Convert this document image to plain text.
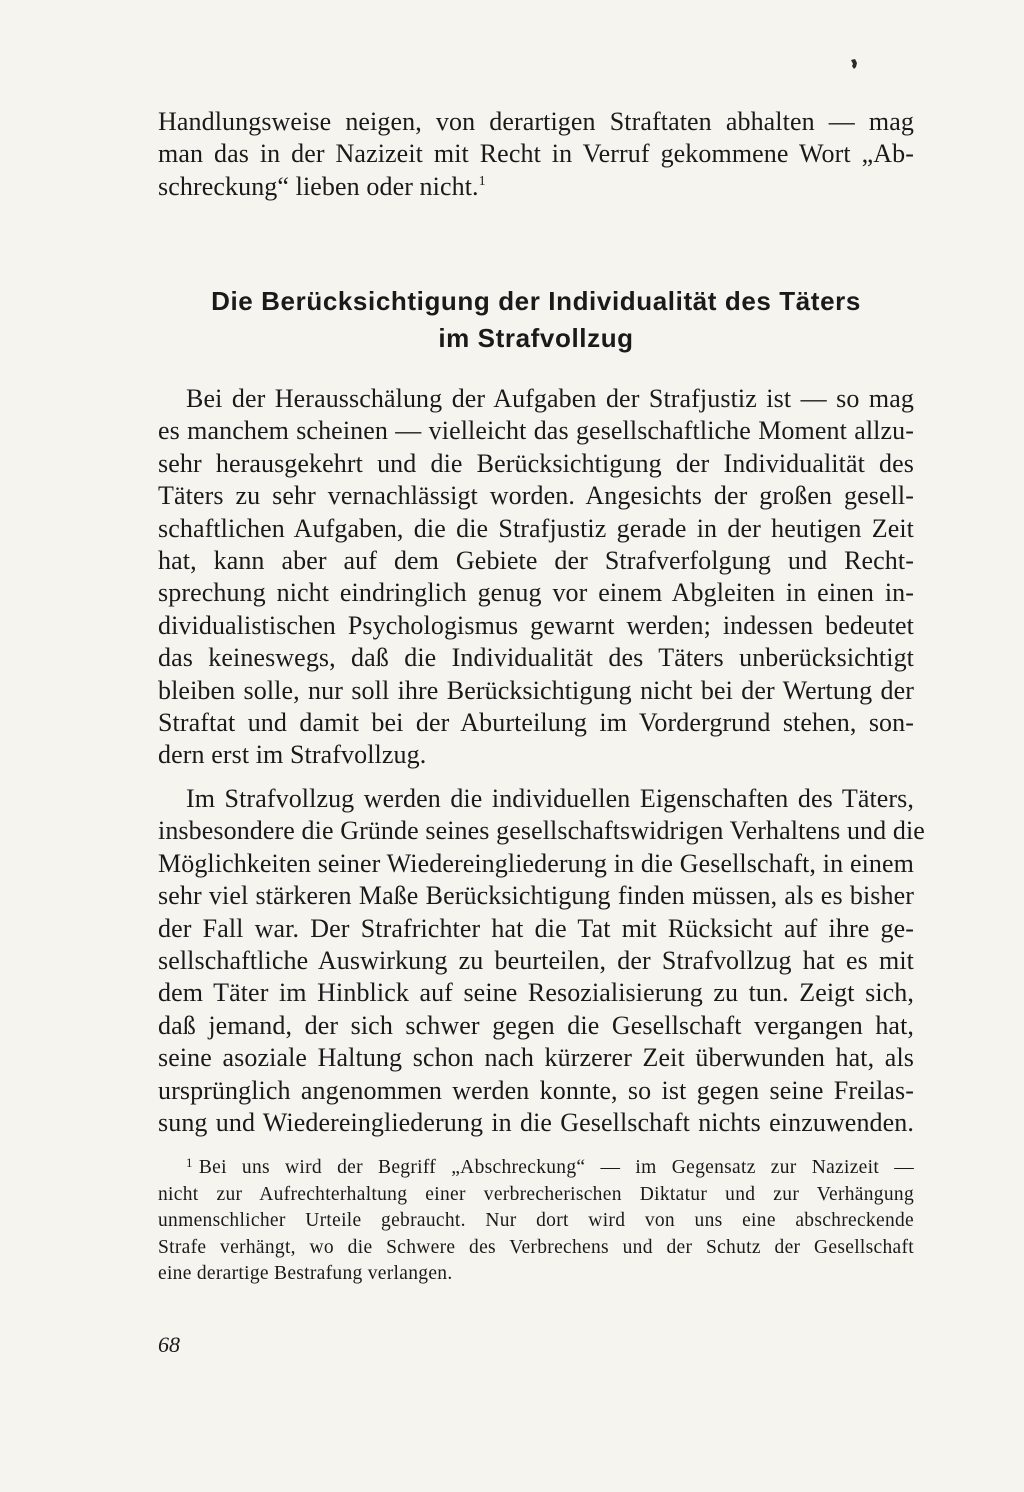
Handlungsweise neigen, von derartigen Straftaten abhalten — mag
man das in der Nazizeit mit Recht in Verruf gekommene Wort „Ab-
schreckung“ lieben oder nicht.$^1$
Die Berücksichtigung der Individualität des Täters
im Strafvollzug
Bei der Herausschälung der Aufgaben der Strafjustiz ist — so mag
es manchem scheinen — vielleicht das gesellschaftliche Moment allzu-
sehr herausgekehrt und die Berücksichtigung der Individualität des
Täters zu sehr vernachlässigt worden. Angesichts der großen gesell-
schaftlichen Aufgaben, die die Strafjustiz gerade in der heutigen Zeit
hat, kann aber auf dem Gebiete der Strafverfolgung und Recht-
sprechung nicht eindringlich genug vor einem Abgleiten in einen in-
dividualistischen Psychologismus gewarnt werden; indessen bedeutet
das keineswegs, daß die Individualität des Täters unberücksichtigt
bleiben solle, nur soll ihre Berücksichtigung nicht bei der Wertung der
Straftat und damit bei der Aburteilung im Vordergrund stehen, son-
dern erst im Strafvollzug.
Im Strafvollzug werden die individuellen Eigenschaften des Täters,
insbesondere die Gründe seines gesellschaftswidrigen Verhaltens und die
Möglichkeiten seiner Wiedereingliederung in die Gesellschaft, in einem
sehr viel stärkeren Maße Berücksichtigung finden müssen, als es bisher
der Fall war. Der Strafrichter hat die Tat mit Rücksicht auf ihre ge-
sellschaftliche Auswirkung zu beurteilen, der Strafvollzug hat es mit
dem Täter im Hinblick auf seine Resozialisierung zu tun. Zeigt sich,
daß jemand, der sich schwer gegen die Gesellschaft vergangen hat,
seine asoziale Haltung schon nach kürzerer Zeit überwunden hat, als
ursprünglich angenommen werden konnte, so ist gegen seine Freilas-
sung und Wiedereingliederung in die Gesellschaft nichts einzuwenden.
$^1$ Bei uns wird der Begriff „Abschreckung“ — im Gegensatz zur Nazizeit —
nicht zur Aufrechterhaltung einer verbrecherischen Diktatur und zur Verhängung
unmenschlicher Urteile gebraucht. Nur dort wird von uns eine abschreckende
Strafe verhängt, wo die Schwere des Verbrechens und der Schutz der Gesellschaft
eine derartige Bestrafung verlangen.
68
